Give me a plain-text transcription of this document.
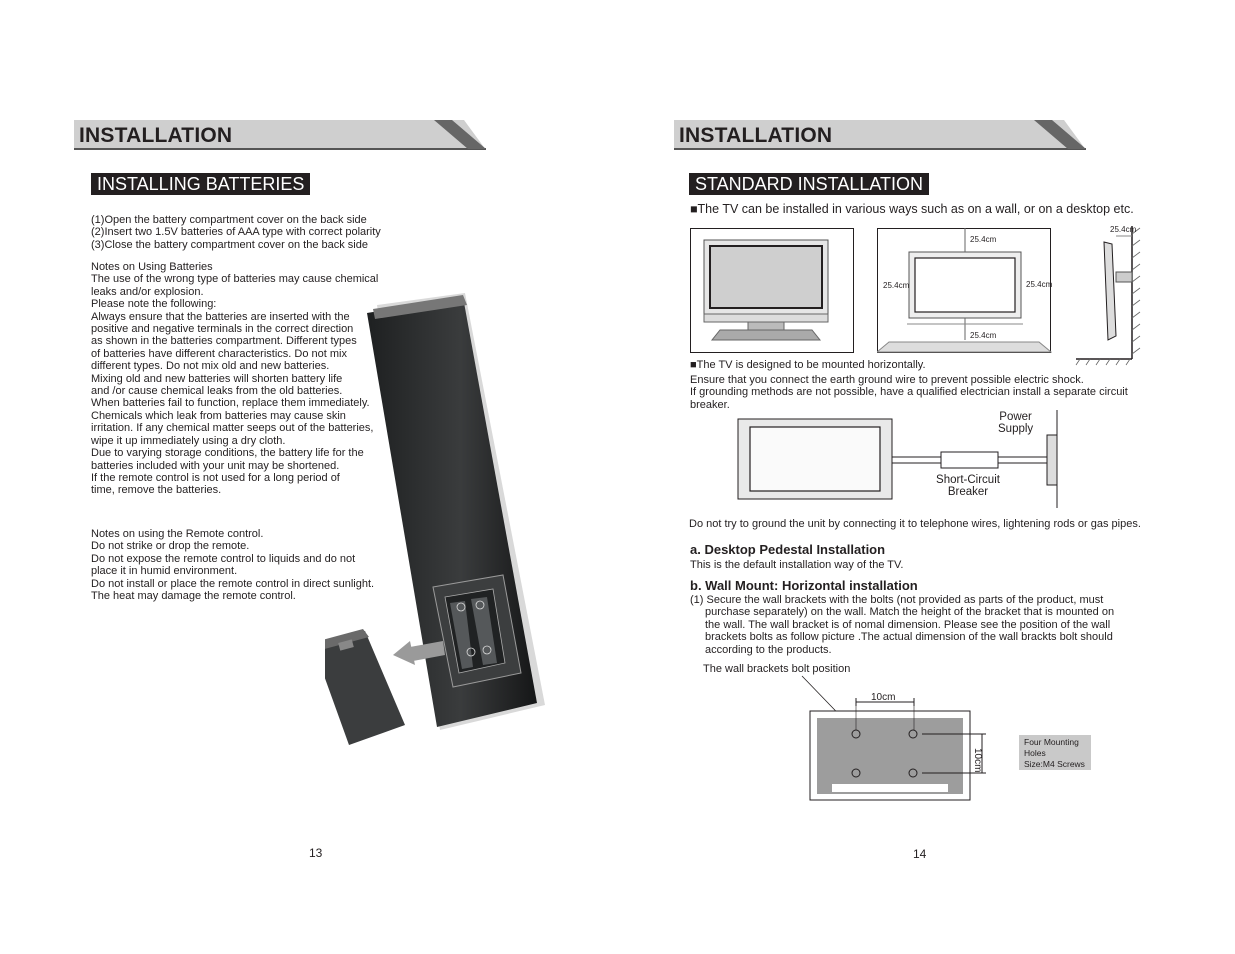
INSTALLATION
INSTALLING BATTERIES
(1)Open the battery compartment cover on the back side
(2)Insert two 1.5V batteries of AAA type with correct polarity
(3)Close the battery compartment cover on the back side
Notes on Using Batteries
The use of the wrong type of batteries may cause chemical
leaks and/or explosion.
Please note the following:
Always ensure that the batteries are inserted with the
positive and negative terminals in the correct direction
as shown in the batteries compartment. Different types
of batteries have different characteristics. Do not mix
different types. Do not mix old and new batteries.
Mixing old and new batteries will shorten battery life
and /or cause chemical leaks from the old batteries.
When batteries fail to function, replace them immediately.
Chemicals which leak from batteries may cause skin
irritation. If any chemical matter seeps out of the batteries,
wipe it up immediately using a dry cloth.
Due to varying storage conditions, the battery life for the
batteries included with your unit may be shortened.
If the remote control is not used for a long period of
time, remove the batteries.
Notes on using the Remote control.
Do not strike or drop the remote.
Do not expose the remote control to liquids and do not
place it in humid environment.
Do not install or place the remote control in direct sunlight.
The heat may damage the remote control.
13
INSTALLATION
STANDARD INSTALLATION
■The TV can be installed in various ways such as on a wall, or on a desktop etc.
25.4cm
25.4cm	25.4cm
25.4cm
25.4cm
■The TV is designed to be mounted horizontally.
Ensure that you connect the earth ground wire to prevent possible electric shock.
If grounding methods are not possible, have a qualified electrician install a separate circuit
breaker.
Power
Supply
Short-Circuit
Breaker
Do not try to ground the unit by connecting it to telephone wires, lightening rods or gas pipes.
a. Desktop Pedestal Installation
This is the default installation way of the TV.
b. Wall Mount: Horizontal installation
(1) Secure the wall brackets with the bolts (not provided as parts of the product, must
purchase separately) on the wall. Match the height of the bracket that is mounted on
the wall. The wall bracket is of nomal dimension. Please see the position of the wall
brackets bolts as follow picture .The actual dimension of the wall brackts bolt should
according to the products.
The wall brackets bolt position
10cm
10cm
Four Mounting
Holes
Size:M4 Screws
14
